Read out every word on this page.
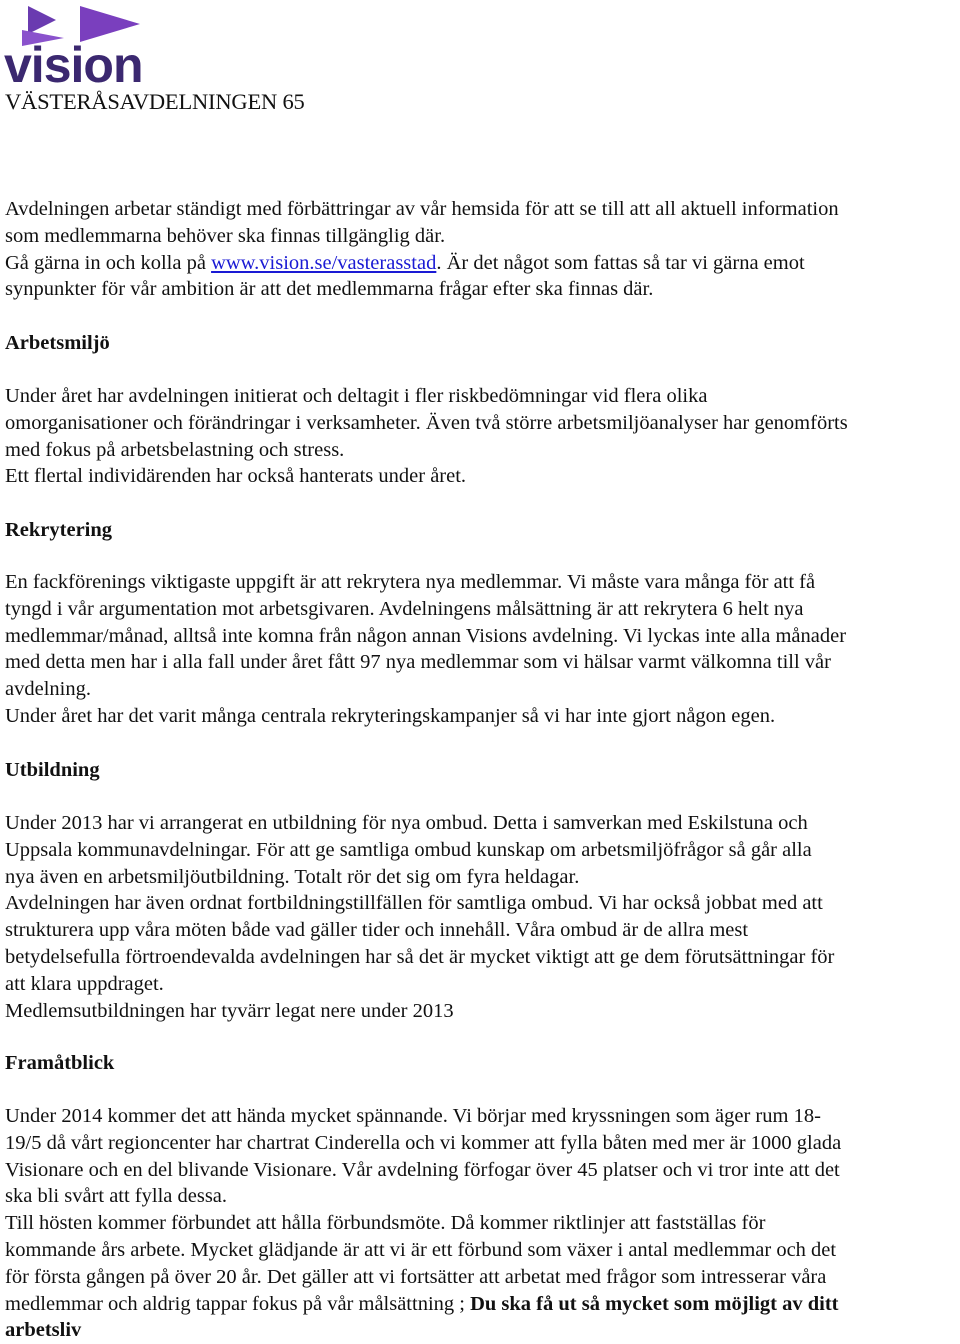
vision
VÄSTERÅSAVDELNINGEN 65

Avdelningen arbetar ständigt med förbättringar av vår hemsida för att se till att all aktuell information

som medlemmarna behöver ska finnas tillgänglig där.

Gå gärna in och kolla på www.vision.se/vasterasstad. Är det något som fattas så tar vi gärna emot

synpunkter för vår ambition är att det medlemmarna frågar efter ska finnas där.

Arbetsmiljö

Under året har avdelningen initierat och deltagit i fler riskbedömningar vid flera olika

omorganisationer och förändringar i verksamheter. Även två större arbetsmiljöanalyser har genomförts

med fokus på arbetsbelastning och stress.

Ett flertal individärenden har också hanterats under året.

Rekrytering

En fackförenings viktigaste uppgift är att rekrytera nya medlemmar. Vi måste vara många för att få

tyngd i vår argumentation mot arbetsgivaren. Avdelningens målsättning är att rekrytera 6 helt nya

medlemmar/månad, alltså inte komna från någon annan Visions avdelning. Vi lyckas inte alla månader

med detta men har i alla fall under året fått 97 nya medlemmar som vi hälsar varmt välkomna till vår

avdelning.

Under året har det varit många centrala rekryteringskampanjer så vi har inte gjort någon egen.

Utbildning

Under 2013 har vi arrangerat en utbildning för nya ombud. Detta i samverkan med Eskilstuna och

Uppsala kommunavdelningar. För att ge samtliga ombud kunskap om arbetsmiljöfrågor så går alla

nya även en arbetsmiljöutbildning. Totalt rör det sig om fyra heldagar.

Avdelningen har även ordnat fortbildningstillfällen för samtliga ombud. Vi har också jobbat med att

strukturera upp våra möten både vad gäller tider och innehåll. Våra ombud är de allra mest

betydelsefulla förtroendevalda avdelningen har så det är mycket viktigt att ge dem förutsättningar för

att klara uppdraget.

Medlemsutbildningen har tyvärr legat nere under 2013

Framåtblick

Under 2014 kommer det att hända mycket spännande. Vi börjar med kryssningen som äger rum 18-

19/5 då vårt regioncenter har chartrat Cinderella och vi kommer att fylla båten med mer är 1000 glada

Visionare och en del blivande Visionare. Vår avdelning förfogar över 45 platser och vi tror inte att det

ska bli svårt att fylla dessa.

Till hösten kommer förbundet att hålla förbundsmöte. Då kommer riktlinjer att fastställas för

kommande års arbete. Mycket glädjande är att vi är ett förbund som växer i antal medlemmar och det

för första gången på över 20 år. Det gäller att vi fortsätter att arbetat med frågor som intresserar våra

medlemmar och aldrig tappar fokus på vår målsättning ; Du ska få ut så mycket som möjligt av ditt

arbetsliv
